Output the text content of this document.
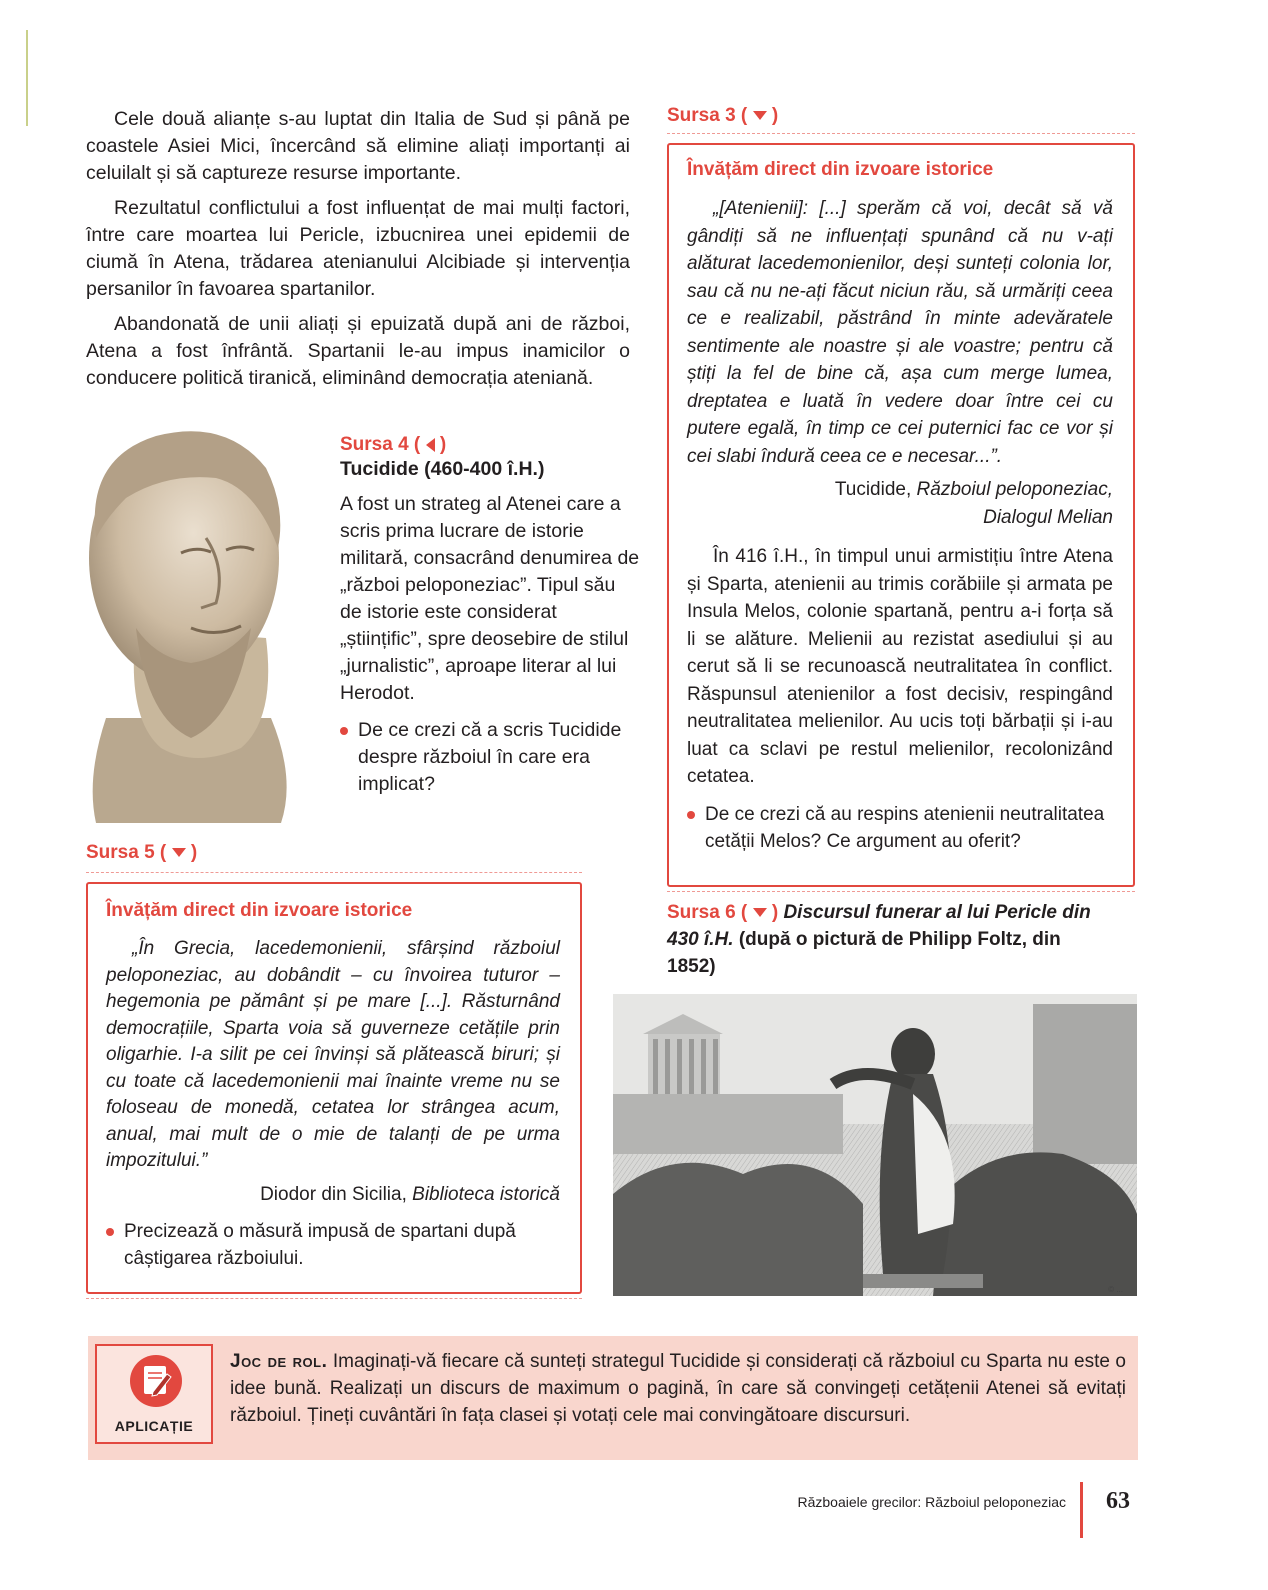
Cele două alianțe s-au luptat din Italia de Sud și până pe coastele Asiei Mici, încercând să elimine aliați importanți ai celuilalt și să captureze resurse importante.

Rezultatul conflictului a fost influențat de mai mulți factori, între care moartea lui Pericle, izbucnirea unei epidemii de ciumă în Atena, trădarea atenianului Alcibiade și intervenția persanilor în favoarea spartanilor.

Abandonată de unii aliați și epuizată după ani de război, Atena a fost înfrântă. Spartanii le-au impus inamicilor o conducere politică tiranică, eliminând democrația ateniană.

Sursa 4 ( )
Tucidide (460-400 î.H.)
A fost un strateg al Atenei care a scris prima lucrare de istorie militară, consacrând denumirea de „război peloponeziac”. Tipul său de istorie este considerat „științific”, spre deosebire de stilul „jurnalistic”, aproape literar al lui Herodot.
De ce crezi că a scris Tucidide despre războiul în care era implicat?
Sursa 3 ( )
Învățăm direct din izvoare istorice
„[Atenienii]: [...] sperăm că voi, decât să vă gândiți să ne influențați spunând că nu v-ați alăturat lacedemonienilor, deși sunteți colonia lor, sau că nu ne-ați făcut niciun rău, să urmăriți ceea ce e realizabil, păstrând în minte adevăratele sentimente ale noastre și ale voastre; pentru că știți la fel de bine că, așa cum merge lumea, dreptatea e luată în vedere doar între cei cu putere egală, în timp ce cei puternici fac ce vor și cei slabi îndură ceea ce e necesar...”.
Tucidide, Războiul peloponeziac,
Dialogul Melian
În 416 î.H., în timpul unui armistițiu între Atena și Sparta, atenienii au trimis corăbiile și armata pe Insula Melos, colonie spartană, pentru a-i forța să li se alăture. Melienii au rezistat asediului și au cerut să li se recunoască neutralitatea în conflict. Răspunsul atenienilor a fost decisiv, respingând neutralitatea melienilor. Au ucis toți bărbații și i-au luat ca sclavi pe restul melienilor, recolonizând cetatea.
De ce crezi că au respins atenienii neutralitatea cetății Melos? Ce argument au oferit?
Sursa 5 ( )
Învățăm direct din izvoare istorice
„În Grecia, lacedemonienii, sfârșind războiul peloponeziac, au dobândit – cu învoirea tuturor – hegemonia pe pământ și pe mare [...]. Răsturnând democrațiile, Sparta voia să guverneze cetățile prin oligarhie. I-a silit pe cei învinși să plătească biruri; și cu toate că lacedemonienii mai înainte vreme nu se foloseau de monedă, cetatea lor strângea acum, anual, mai mult de o mie de talanți de pe urma impozitului.”
Diodor din Sicilia, Biblioteca istorică
Precizează o măsură impusă de spartani după câștigarea războiului.
Sursa 6 ( ) Discursul funerar al lui Pericle din 430 î.H. (după o pictură de Philipp Foltz, din 1852)
© ...
APLICAȚIE
Joc de rol. Imaginați-vă fiecare că sunteți strategul Tucidide și considerați că războiul cu Sparta nu este o idee bună. Realizați un discurs de maximum o pagină, în care să convingeți cetățenii Atenei să evitați războiul. Țineți cuvântări în fața clasei și votați cele mai convingătoare discursuri.
Războaiele grecilor: Războiul peloponeziac 63
